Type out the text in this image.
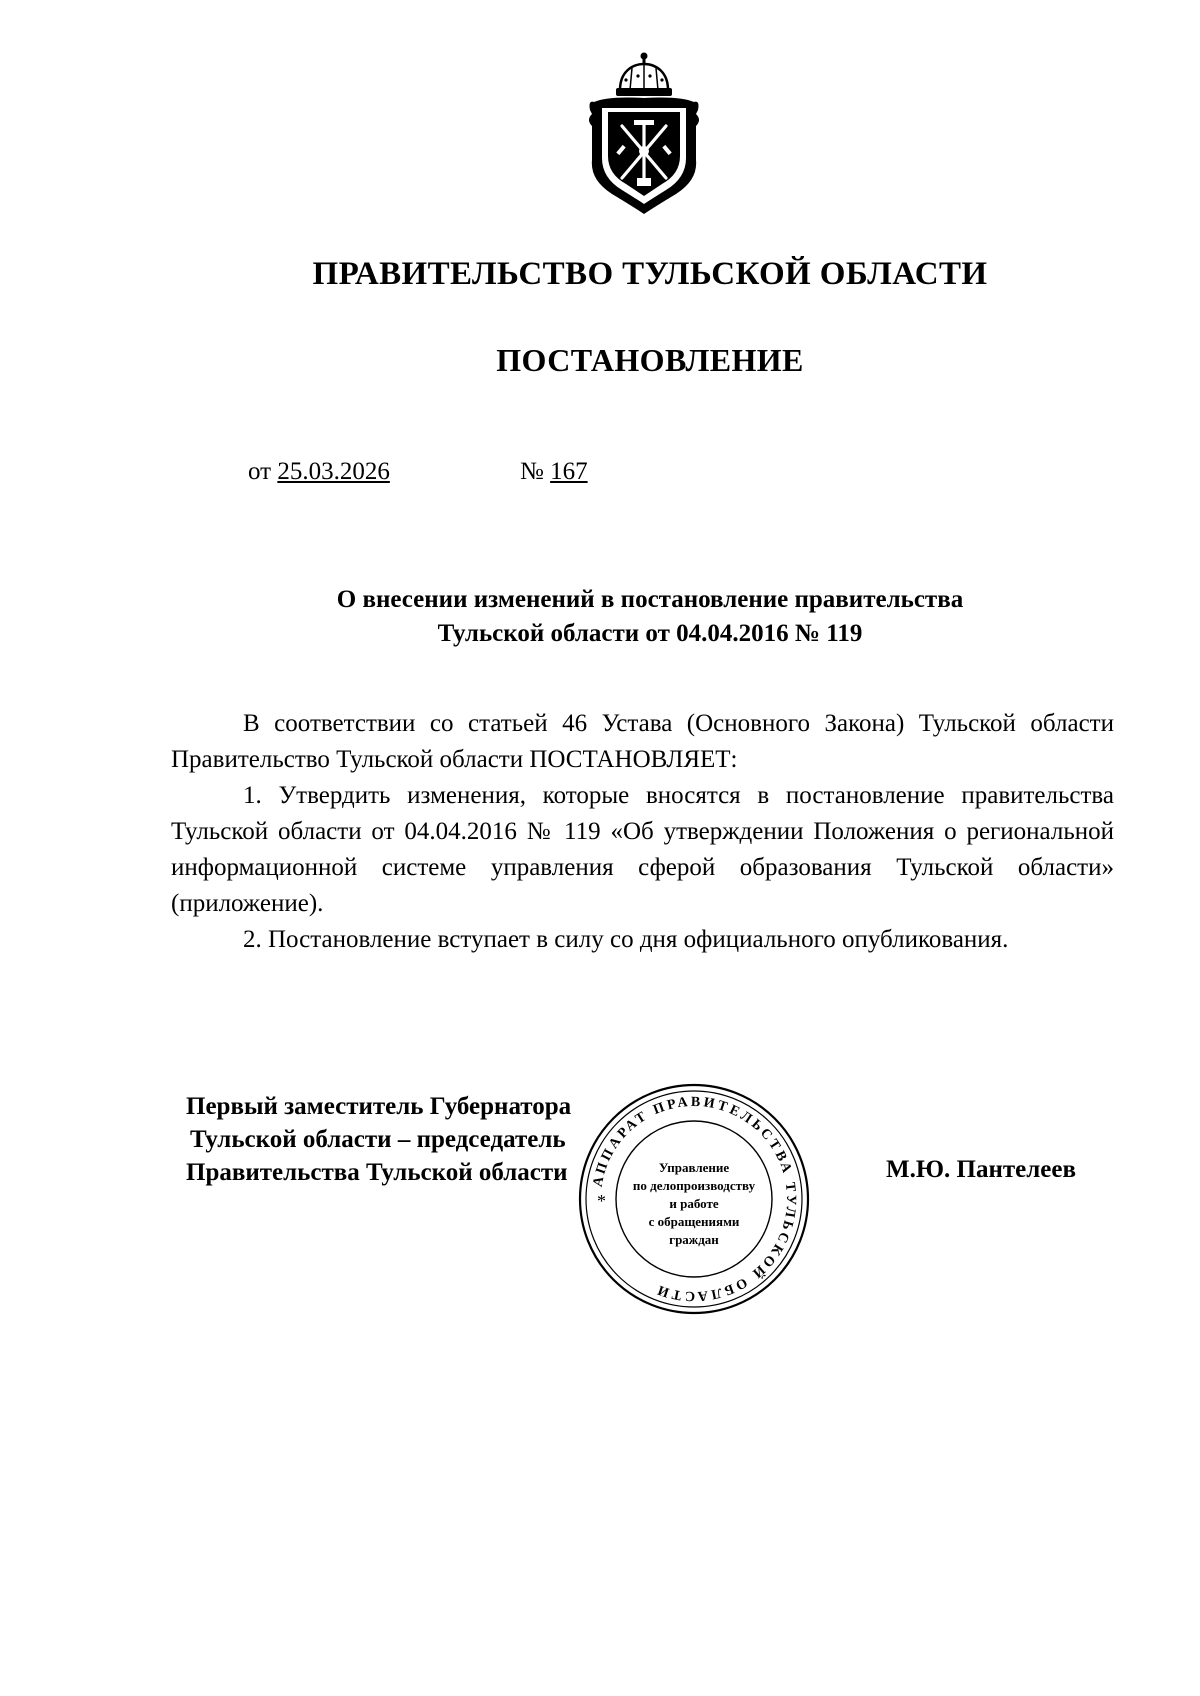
ПРАВИТЕЛЬСТВО ТУЛЬСКОЙ ОБЛАСТИ
ПОСТАНОВЛЕНИЕ
от 25.03.2026	№ 167
О внесении изменений в постановление правительства
Тульской области от 04.04.2016 № 119

В соответствии со статьей 46 Устава (Основного Закона) Тульской области Правительство Тульской области ПОСТАНОВЛЯЕТ:

1. Утвердить изменения, которые вносятся в постановление правительства Тульской области от 04.04.2016 № 119 «Об утверждении Положения о региональной информационной системе управления сферой образования Тульской области» (приложение).

2. Постановление вступает в силу со дня официального опубликования.

Первый заместитель Губернатора
Тульской области – председатель
Правительства Тульской области	М.Ю. Пантелеев
АППАРАТ ПРАВИТЕЛЬСТВА ТУЛЬСКОЙ ОБЛАСТИ
*
Управление
по делопроизводству
и работе
с обращениями
граждан
